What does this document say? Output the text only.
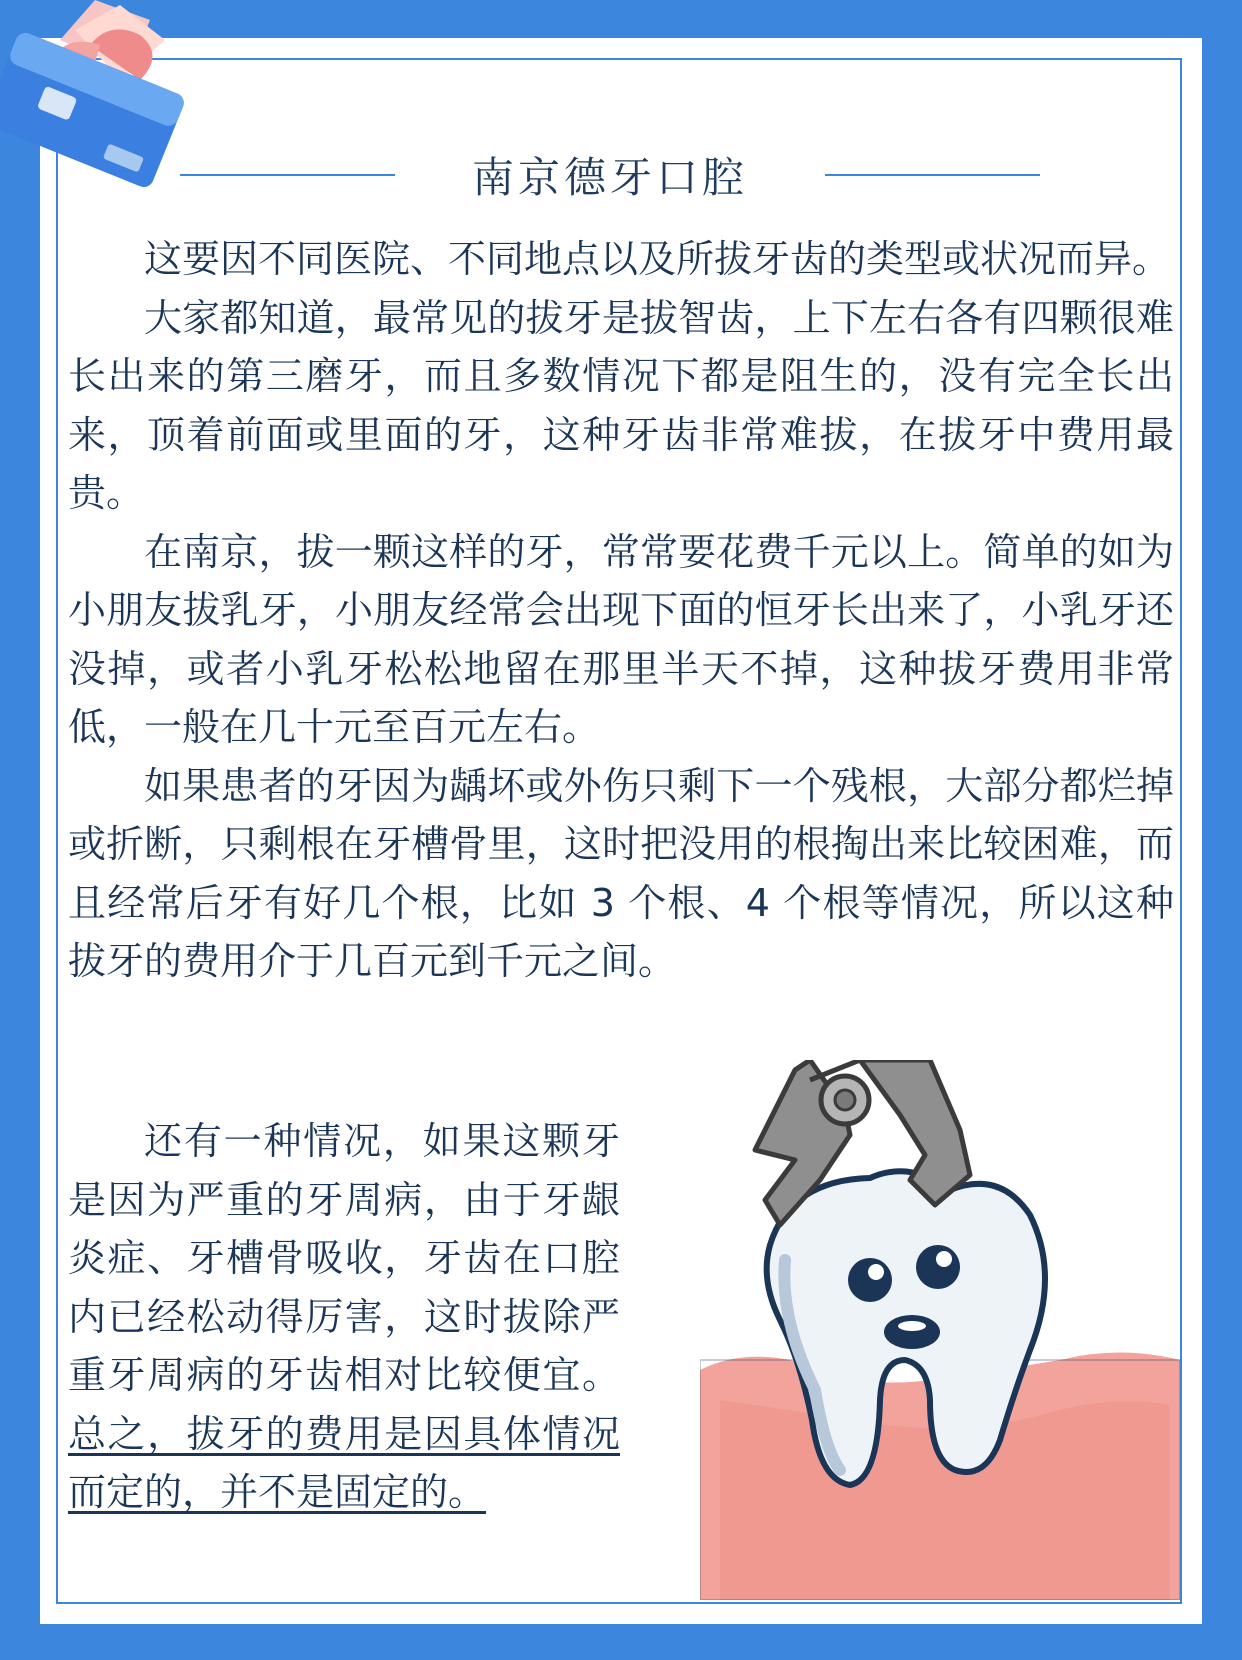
南京德牙口腔

这要因不同医院、不同地点以及所拔牙齿的类型或状况而异。

大家都知道，最常见的拔牙是拔智齿，上下左右各有四颗很难长出来的第三磨牙，而且多数情况下都是阻生的，没有完全长出来，顶着前面或里面的牙，这种牙齿非常难拔，在拔牙中费用最贵。

在南京，拔一颗这样的牙，常常要花费千元以上。简单的如为小朋友拔乳牙，小朋友经常会出现下面的恒牙长出来了，小乳牙还没掉，或者小乳牙松松地留在那里半天不掉，这种拔牙费用非常低，一般在几十元至百元左右。

如果患者的牙因为龋坏或外伤只剩下一个残根，大部分都烂掉或折断，只剩根在牙槽骨里，这时把没用的根掏出来比较困难，而且经常后牙有好几个根，比如 3 个根、4 个根等情况，所以这种拔牙的费用介于几百元到千元之间。

还有一种情况，如果这颗牙是因为严重的牙周病，由于牙龈炎症、牙槽骨吸收，牙齿在口腔内已经松动得厉害，这时拔除严重牙周病的牙齿相对比较便宜。总之，拔牙的费用是因具体情况而定的，并不是固定的。
